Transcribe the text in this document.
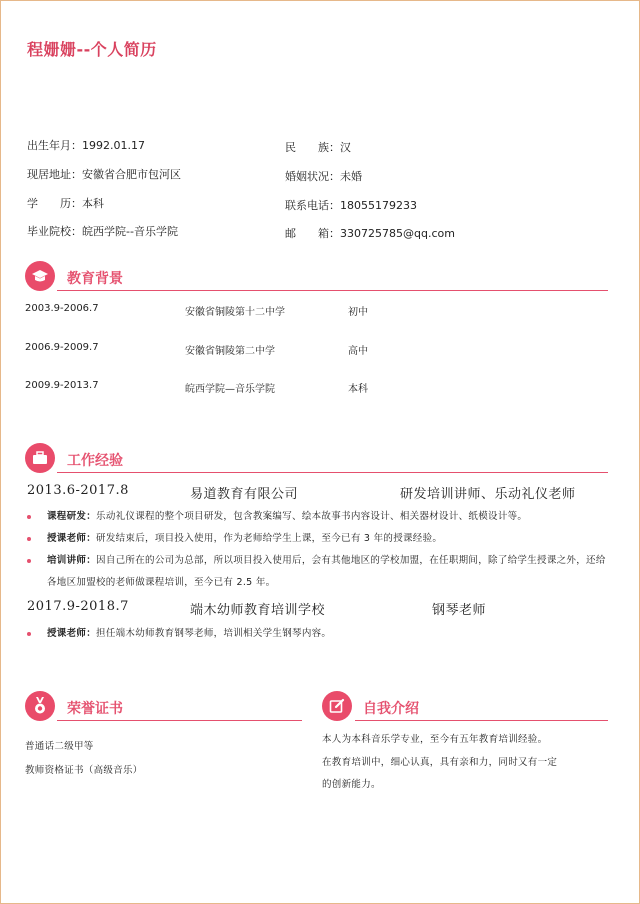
程姗姗--个人简历
出生年月：1992.01.17
现居地址：安徽省合肥市包河区
学　　历：本科
毕业院校：皖西学院--音乐学院
民　　族：汉
婚姻状况：未婚
联系电话：18055179233
邮　　箱：330725785@qq.com
教育背景
2003.9-2006.7	安徽省铜陵第十二中学	初中
2006.9-2009.7	安徽省铜陵第二中学	高中
2009.9-2013.7	皖西学院—音乐学院	本科
工作经验
2013.6-2017.8	易道教育有限公司	研发培训讲师、乐动礼仪老师
课程研发：乐动礼仪课程的整个项目研发，包含教案编写、绘本故事书内容设计、相关器材设计、纸模设计等。
授课老师：研发结束后，项目投入使用，作为老师给学生上课，至今已有 3 年的授课经验。
培训讲师：因自己所在的公司为总部，所以项目投入使用后，会有其他地区的学校加盟，在任职期间，除了给学生授课之外，还给各地区加盟校的老师做课程培训，至今已有 2.5 年。
2017.9-2018.7	端木幼师教育培训学校	钢琴老师
授课老师：担任端木幼师教育钢琴老师，培训相关学生钢琴内容。
荣誉证书
普通话二级甲等
教师资格证书（高级音乐）
自我介绍
本人为本科音乐学专业，至今有五年教育培训经验。
在教育培训中，细心认真，具有亲和力，同时又有一定
的创新能力。
